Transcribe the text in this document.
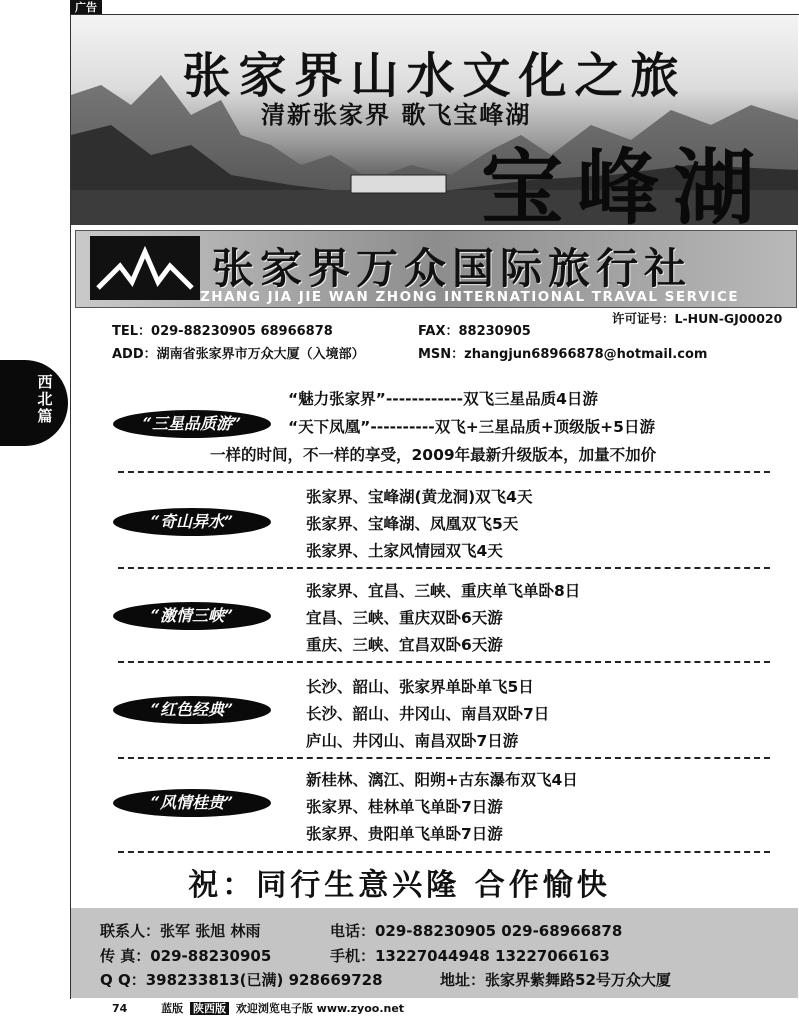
广告
张家界山水文化之旅
清新张家界 歌飞宝峰湖
宝峰湖
张家界万众国际旅行社
ZHANG JIA JIE WAN ZHONG INTERNATIONAL TRAVAL SERVICE
许可证号：L-HUN-GJ00020
TEL：029-88230905 68966878	FAX：88230905
ADD：湖南省张家界市万众大厦（入境部）	MSN：zhangjun68966878@hotmail.com
西北篇	“三星品质游”
“魅力张家界”------------双飞三星品质4日游
“天下凤凰”----------双飞+三星品质+顶级版+5日游
一样的时间，不一样的享受，2009年最新升级版本，加量不加价
“奇山异水”
张家界、宝峰湖(黄龙洞)双飞4天
张家界、宝峰湖、凤凰双飞5天
张家界、土家风情园双飞4天
“激情三峡”
张家界、宜昌、三峡、重庆单飞单卧8日
宜昌、三峡、重庆双卧6天游
重庆、三峡、宜昌双卧6天游
“红色经典”
长沙、韶山、张家界单卧单飞5日
长沙、韶山、井冈山、南昌双卧7日
庐山、井冈山、南昌双卧7日游
“风情桂贵”
新桂林、漓江、阳朔+古东瀑布双飞4日
张家界、桂林单飞单卧7日游
张家界、贵阳单飞单卧7日游
祝：同行生意兴隆 合作愉快
联系人：张军 张旭 林雨	电话：029-88230905 029-68966878
传 真：029-88230905	手机：13227044948 13227066163
Q Q：398233813(已满) 928669728	地址：张家界紫舞路52号万众大厦
74	蓝版 陕西版 欢迎浏览电子版 www.zyoo.net
